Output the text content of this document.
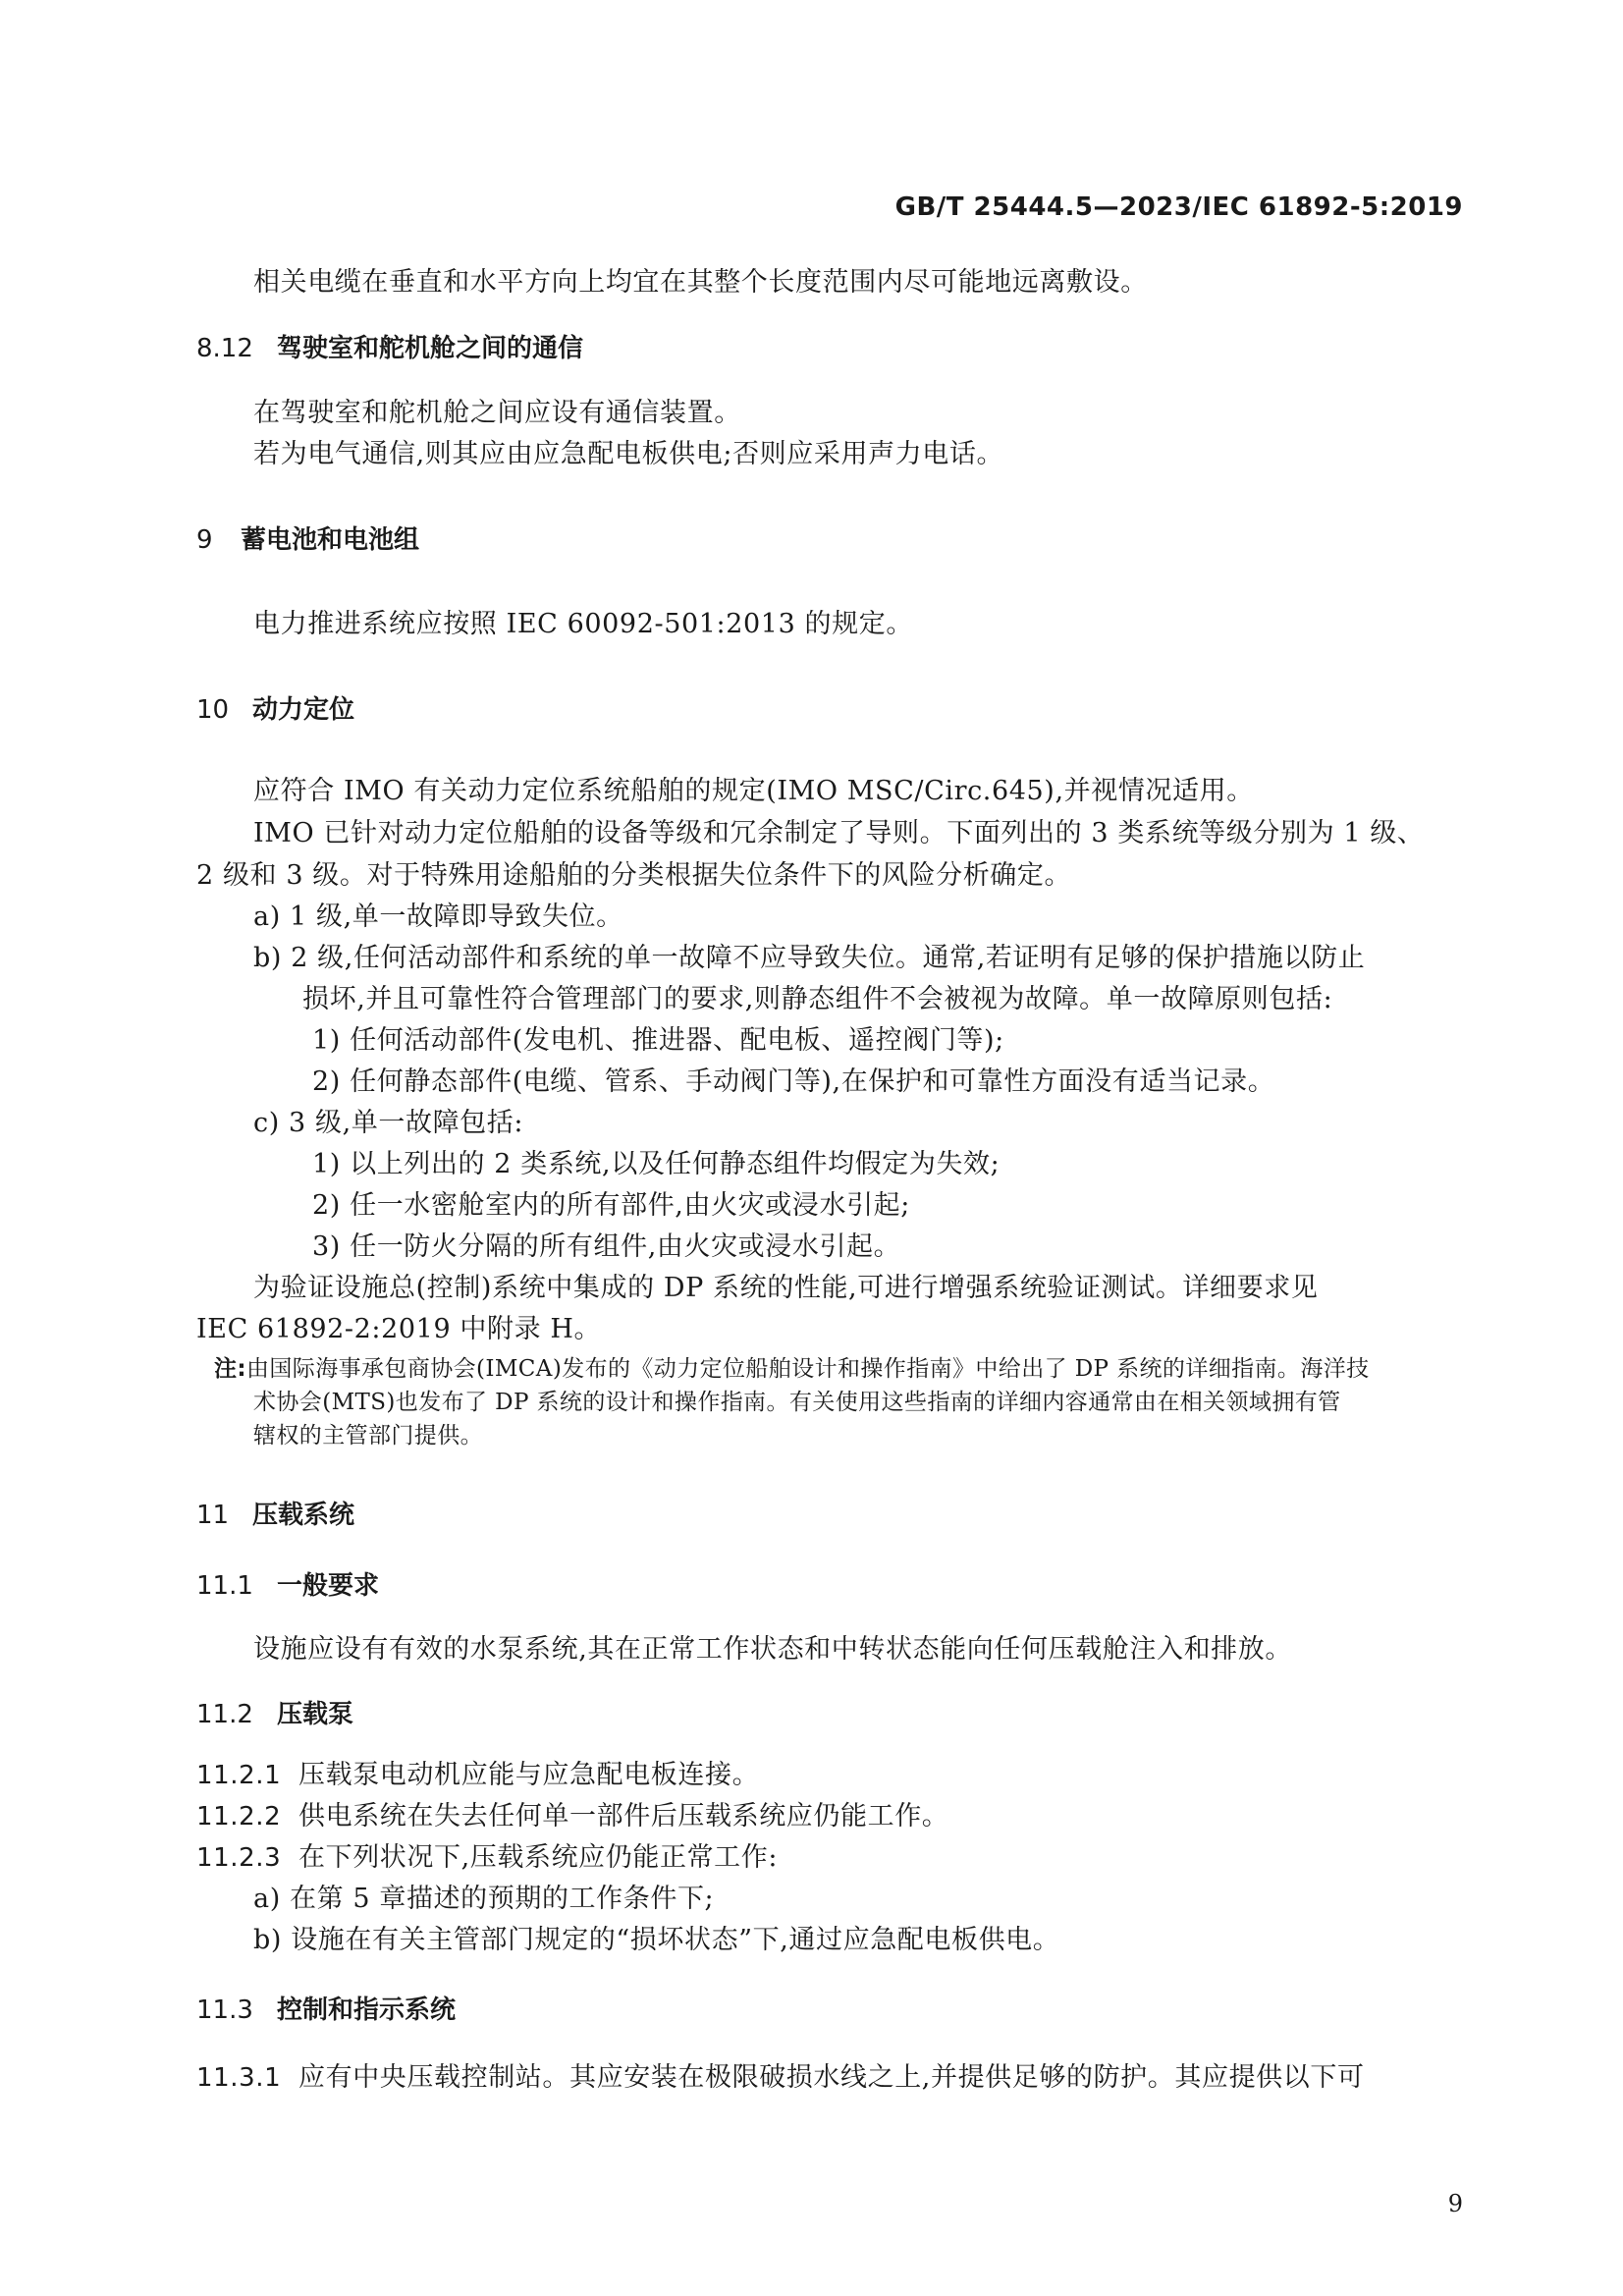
GB/T 25444.5—2023/IEC 61892-5:2019
相关电缆在垂直和水平方向上均宜在其整个长度范围内尽可能地远离敷设。
8.12 驾驶室和舵机舱之间的通信
在驾驶室和舵机舱之间应设有通信装置。
若为电气通信,则其应由应急配电板供电;否则应采用声力电话。
9 蓄电池和电池组
电力推进系统应按照 IEC 60092-501:2013 的规定。
10 动力定位
应符合 IMO 有关动力定位系统船舶的规定(IMO MSC/Circ.645),并视情况适用。
IMO 已针对动力定位船舶的设备等级和冗余制定了导则。下面列出的 3 类系统等级分别为 1 级、
2 级和 3 级。对于特殊用途船舶的分类根据失位条件下的风险分析确定。
a) 1 级,单一故障即导致失位。
b) 2 级,任何活动部件和系统的单一故障不应导致失位。通常,若证明有足够的保护措施以防止
损坏,并且可靠性符合管理部门的要求,则静态组件不会被视为故障。单一故障原则包括:
1) 任何活动部件(发电机、推进器、配电板、遥控阀门等);
2) 任何静态部件(电缆、管系、手动阀门等),在保护和可靠性方面没有适当记录。
c) 3 级,单一故障包括:
1) 以上列出的 2 类系统,以及任何静态组件均假定为失效;
2) 任一水密舱室内的所有部件,由火灾或浸水引起;
3) 任一防火分隔的所有组件,由火灾或浸水引起。
为验证设施总(控制)系统中集成的 DP 系统的性能,可进行增强系统验证测试。详细要求见
IEC 61892-2:2019 中附录 H。
注:由国际海事承包商协会(IMCA)发布的《动力定位船舶设计和操作指南》中给出了 DP 系统的详细指南。海洋技
术协会(MTS)也发布了 DP 系统的设计和操作指南。有关使用这些指南的详细内容通常由在相关领域拥有管
辖权的主管部门提供。
11 压载系统
11.1 一般要求
设施应设有有效的水泵系统,其在正常工作状态和中转状态能向任何压载舱注入和排放。
11.2 压载泵
11.2.1 压载泵电动机应能与应急配电板连接。
11.2.2 供电系统在失去任何单一部件后压载系统应仍能工作。
11.2.3 在下列状况下,压载系统应仍能正常工作:
a) 在第 5 章描述的预期的工作条件下;
b) 设施在有关主管部门规定的“损坏状态”下,通过应急配电板供电。
11.3 控制和指示系统
11.3.1 应有中央压载控制站。其应安装在极限破损水线之上,并提供足够的防护。其应提供以下可
9
